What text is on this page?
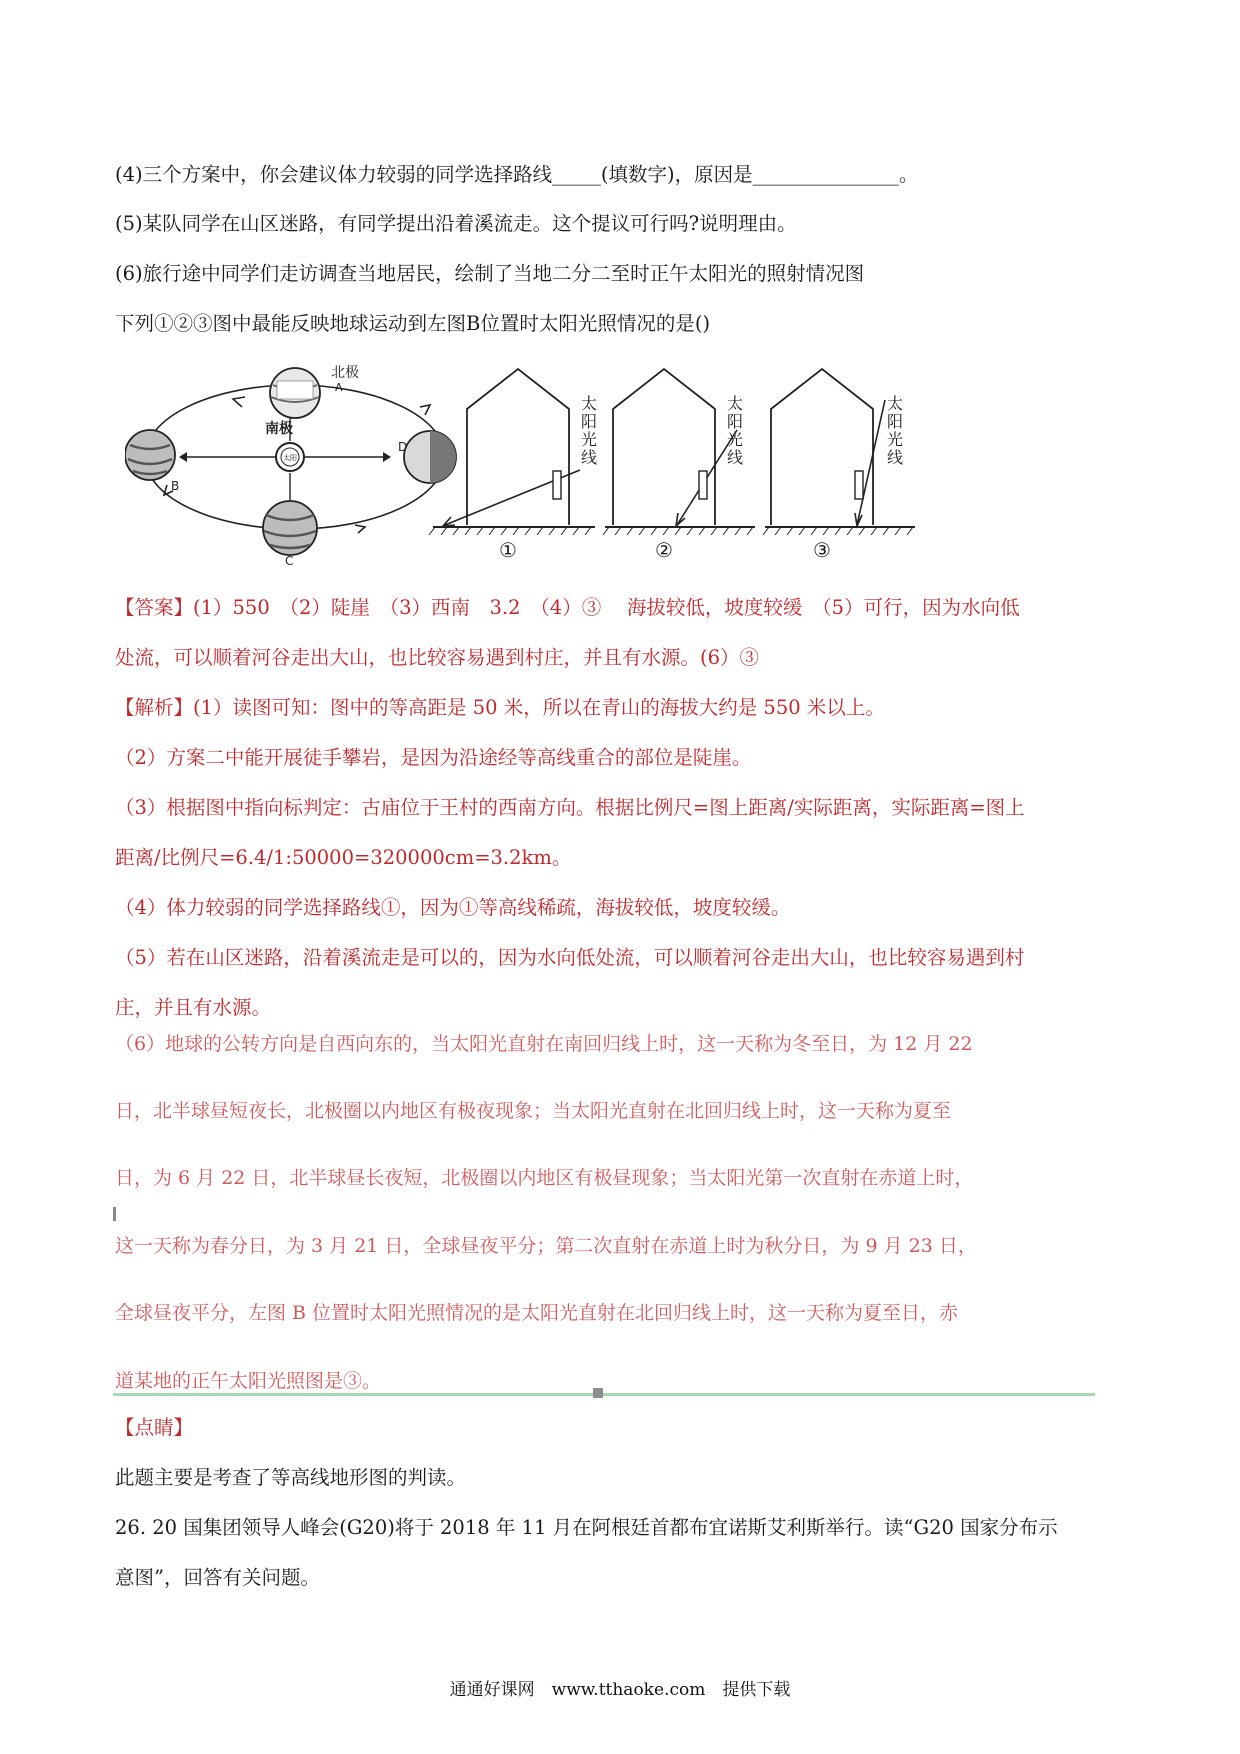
(4)三个方案中，你会建议体力较弱的同学选择路线_____(填数字)，原因是_______________。
(5)某队同学在山区迷路，有同学提出沿着溪流走。这个提议可行吗?说明理由。
(6)旅行途中同学们走访调查当地居民，绘制了当地二分二至时正午太阳光的照射情况图
下列①②③图中最能反映地球运动到左图B位置时太阳光照情况的是()
太阳
北极
A
南极
B
C
D
太
阳
光
线
①
太
阳
光
线
②
太
阳
光
线
③
【答案】(1）550　（2）陡崖　（3）西南　3.2　（4）③　 海拔较低，坡度较缓　（5）可行，因为水向低
处流，可以顺着河谷走出大山，也比较容易遇到村庄，并且有水源。(6）③
【解析】(1）读图可知：图中的等高距是 50 米，所以在青山的海拔大约是 550 米以上。
（2）方案二中能开展徒手攀岩，是因为沿途经等高线重合的部位是陡崖。
（3）根据图中指向标判定：古庙位于王村的西南方向。根据比例尺=图上距离/实际距离，实际距离=图上
距离/比例尺=6.4/1:50000=320000cm=3.2km。
（4）体力较弱的同学选择路线①，因为①等高线稀疏，海拔较低，坡度较缓。
（5）若在山区迷路，沿着溪流走是可以的，因为水向低处流，可以顺着河谷走出大山，也比较容易遇到村
庄，并且有水源。
（6）地球的公转方向是自西向东的，当太阳光直射在南回归线上时，这一天称为冬至日，为 12 月 22
日，北半球昼短夜长，北极圈以内地区有极夜现象；当太阳光直射在北回归线上时，这一天称为夏至
日，为 6 月 22 日，北半球昼长夜短，北极圈以内地区有极昼现象；当太阳光第一次直射在赤道上时，
这一天称为春分日，为 3 月 21 日，全球昼夜平分；第二次直射在赤道上时为秋分日，为 9 月 23 日，
全球昼夜平分，左图 B 位置时太阳光照情况的是太阳光直射在北回归线上时，这一天称为夏至日，赤
道某地的正午太阳光照图是③。
【点睛】
此题主要是考查了等高线地形图的判读。
26. 20 国集团领导人峰会(G20)将于 2018 年 11 月在阿根廷首都布宜诺斯艾利斯举行。读“G20 国家分布示
意图”，回答有关问题。
通通好课网　www.tthaoke.com　提供下载
